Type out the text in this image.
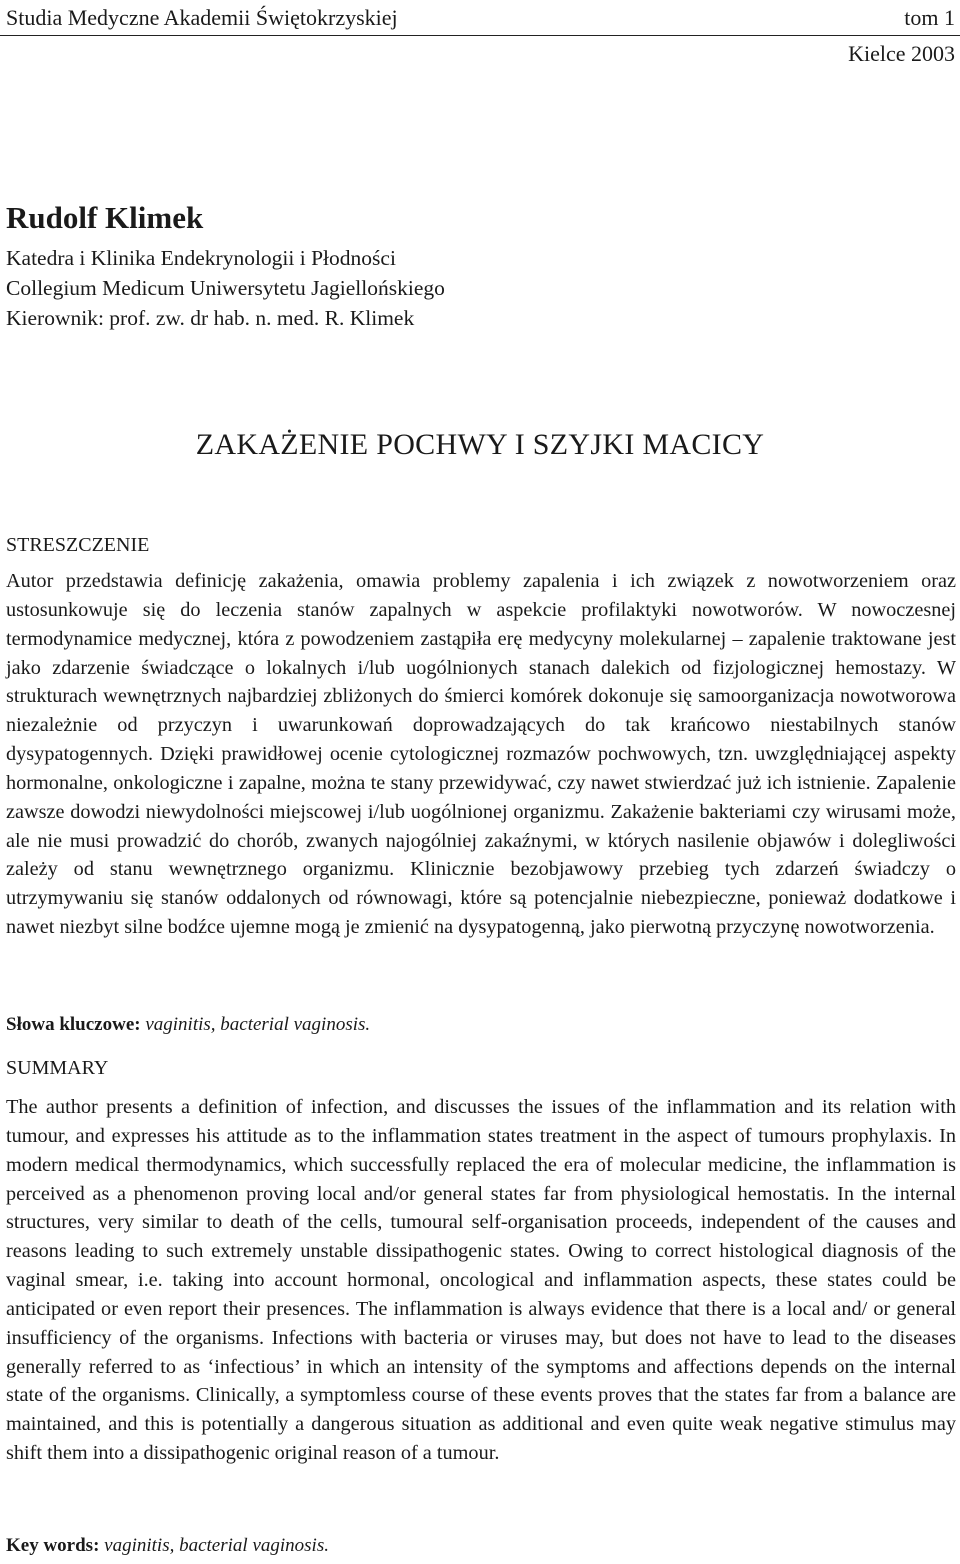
Studia Medyczne Akademii Świętokrzyskiej	tom 1
Kielce 2003
Rudolf Klimek
Katedra i Klinika Endekrynologii i Płodności
Collegium Medicum Uniwersytetu Jagiellońskiego
Kierownik: prof. zw. dr hab. n. med. R. Klimek
ZAKAŻENIE POCHWY I SZYJKI MACICY
STRESZCZENIE
Autor przedstawia definicję zakażenia, omawia problemy zapalenia i ich związek z nowotworzeniem oraz ustosunkowuje się do leczenia stanów zapalnych w aspekcie profilaktyki nowotworów. W nowoczesnej termodynamice medycznej, która z powodzeniem zastąpiła erę medycyny molekularnej – zapalenie traktowane jest jako zdarzenie świadczące o lokalnych i/lub uogólnionych stanach dalekich od fizjologicznej hemostazy. W strukturach wewnętrznych najbardziej zbliżonych do śmierci komórek dokonuje się samoorganizacja nowotworowa niezależnie od przyczyn i uwarunkowań doprowadzających do tak krańcowo niestabilnych stanów dysypatogennych. Dzięki prawidłowej ocenie cytologicznej rozmazów pochwowych, tzn. uwzględniającej aspekty hormonalne, onkologiczne i zapalne, można te stany przewidywać, czy nawet stwierdzać już ich istnienie. Zapalenie zawsze dowodzi niewydolności miejscowej i/lub uogólnionej organizmu. Zakażenie bakteriami czy wirusami może, ale nie musi prowadzić do chorób, zwanych najogólniej zakaźnymi, w których nasilenie objawów i dolegliwości zależy od stanu wewnętrznego organizmu. Klinicznie bezobjawowy przebieg tych zdarzeń świadczy o utrzymywaniu się stanów oddalonych od równowagi, które są potencjalnie niebezpieczne, ponieważ dodatkowe i nawet niezbyt silne bodźce ujemne mogą je zmienić na dysypatogenną, jako pierwotną przyczynę nowotworzenia.
Słowa kluczowe: vaginitis, bacterial vaginosis.
SUMMARY
The author presents a definition of infection, and discusses the issues of the inflammation and its relation with tumour, and expresses his attitude as to the inflammation states treatment in the aspect of tumours prophylaxis. In modern medical thermodynamics, which successfully replaced the era of molecular medicine, the inflammation is perceived as a phenomenon proving local and/or general states far from physiological hemostatis. In the internal structures, very similar to death of the cells, tumoural self-organisation proceeds, independent of the causes and reasons leading to such extremely unstable dissipathogenic states. Owing to correct histological diagnosis of the vaginal smear, i.e. taking into account hormonal, oncological and inflammation aspects, these states could be anticipated or even report their presences. The inflammation is always evidence that there is a local and/ or general insufficiency of the organisms. Infections with bacteria or viruses may, but does not have to lead to the diseases generally referred to as ‘infectious’ in which an intensity of the symptoms and affections depends on the internal state of the organisms. Clinically, a symptomless course of these events proves that the states far from a balance are maintained, and this is potentially a dangerous situation as additional and even quite weak negative stimulus may shift them into a dissipathogenic original reason of a tumour.
Key words: vaginitis, bacterial vaginosis.
